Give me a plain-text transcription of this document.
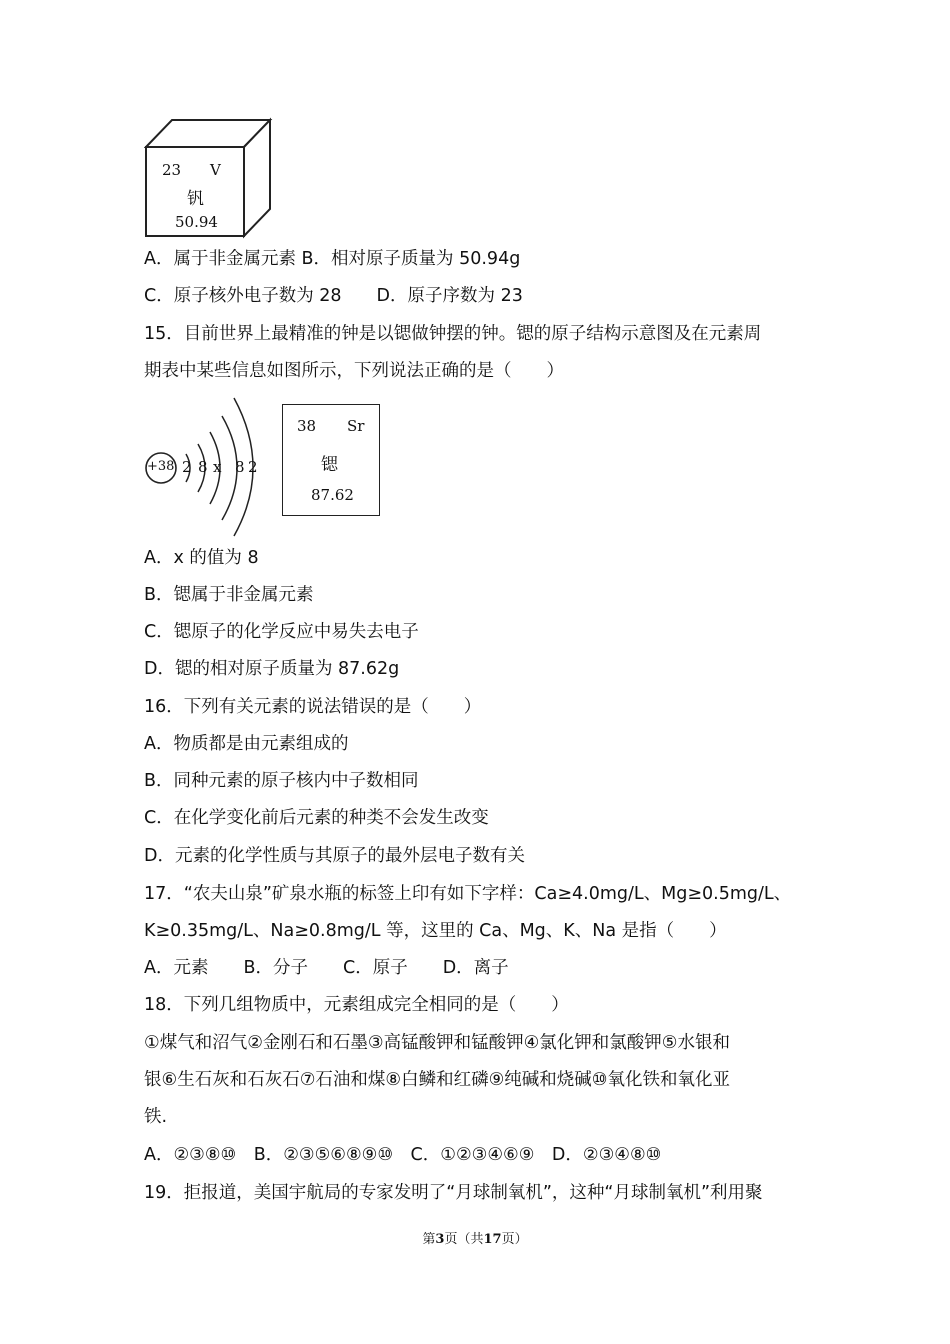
23 V
钒
50.94
A．属于非金属元素 B．相对原子质量为 50.94g
C．原子核外电子数为 28　　D．原子序数为 23
15．目前世界上最精准的钟是以锶做钟摆的钟。锶的原子结构示意图及在元素周
期表中某些信息如图所示，下列说法正确的是（　　）
+38 2 8 x 8 2
38 Sr
锶
87.62
A．x 的值为 8
B．锶属于非金属元素
C．锶原子的化学反应中易失去电子
D．锶的相对原子质量为 87.62g
16．下列有关元素的说法错误的是（　　）
A．物质都是由元素组成的
B．同种元素的原子核内中子数相同
C．在化学变化前后元素的种类不会发生改变
D．元素的化学性质与其原子的最外层电子数有关
17．“农夫山泉”矿泉水瓶的标签上印有如下字样：Ca≥4.0mg/L、Mg≥0.5mg/L、
K≥0.35mg/L、Na≥0.8mg/L 等，这里的 Ca、Mg、K、Na 是指（　　）
A．元素　　B．分子　　C．原子　　D．离子
18．下列几组物质中，元素组成完全相同的是（　　）
①煤气和沼气②金刚石和石墨③高锰酸钾和锰酸钾④氯化钾和氯酸钾⑤水银和
银⑥生石灰和石灰石⑦石油和煤⑧白鳞和红磷⑨纯碱和烧碱⑩氧化铁和氧化亚
铁.
A．②③⑧⑩　B．②③⑤⑥⑧⑨⑩　C．①②③④⑥⑨　D．②③④⑧⑩
19．拒报道，美国宇航局的专家发明了“月球制氧机”，这种“月球制氧机”利用聚
第3页（共17页）
